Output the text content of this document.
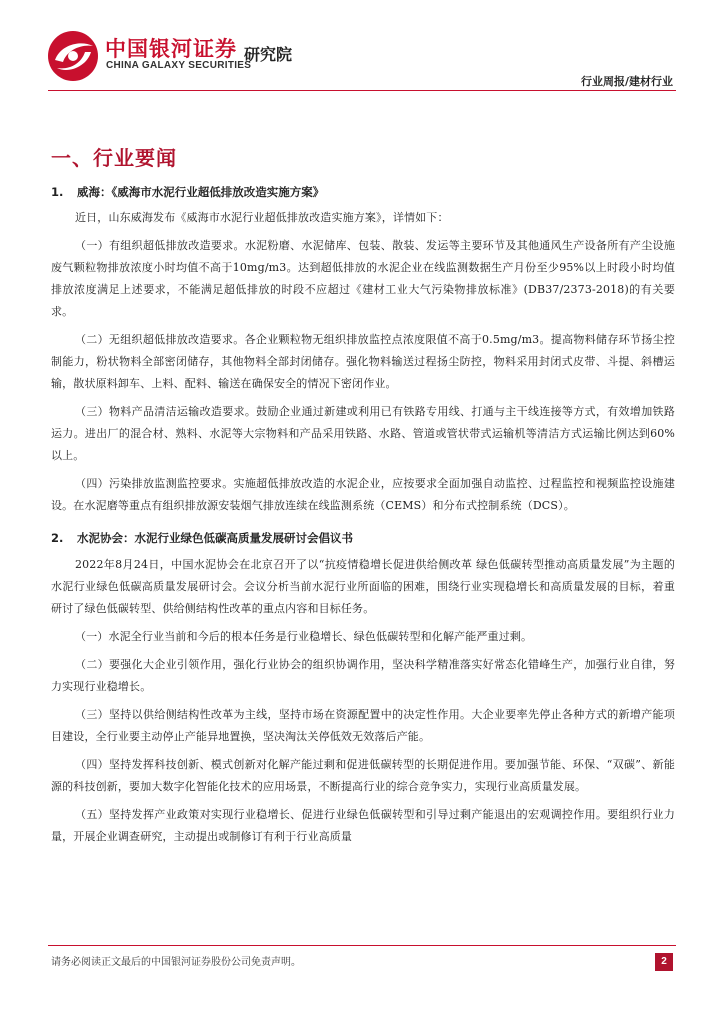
中国银河证券
CHINA GALAXY SECURITIES
研究院
行业周报/建材行业
一、行业要闻
1. 威海：《威海市水泥行业超低排放改造实施方案》

近日，山东威海发布《威海市水泥行业超低排放改造实施方案》，详情如下：

（一）有组织超低排放改造要求。水泥粉磨、水泥储库、包装、散装、发运等主要环节及其他通风生产设备所有产尘设施废气颗粒物排放浓度小时均值不高于10mg/m3。达到超低排放的水泥企业在线监测数据生产月份至少95%以上时段小时均值排放浓度满足上述要求，不能满足超低排放的时段不应超过《建材工业大气污染物排放标准》(DB37/2373-2018)的有关要求。

（二）无组织超低排放改造要求。各企业颗粒物无组织排放监控点浓度限值不高于0.5mg/m3。提高物料储存环节扬尘控制能力，粉状物料全部密闭储存，其他物料全部封闭储存。强化物料输送过程扬尘防控，物料采用封闭式皮带、斗提、斜槽运输，散状原料卸车、上料、配料、输送在确保安全的情况下密闭作业。

（三）物料产品清洁运输改造要求。鼓励企业通过新建或利用已有铁路专用线、打通与主干线连接等方式，有效增加铁路运力。进出厂的混合材、熟料、水泥等大宗物料和产品采用铁路、水路、管道或管状带式运输机等清洁方式运输比例达到60%以上。

（四）污染排放监测监控要求。实施超低排放改造的水泥企业，应按要求全面加强自动监控、过程监控和视频监控设施建设。在水泥磨等重点有组织排放源安装烟气排放连续在线监测系统（CEMS）和分布式控制系统（DCS）。

2. 水泥协会：水泥行业绿色低碳高质量发展研讨会倡议书

2022年8月24日，中国水泥协会在北京召开了以“抗疫情稳增长促进供给侧改革 绿色低碳转型推动高质量发展”为主题的水泥行业绿色低碳高质量发展研讨会。会议分析当前水泥行业所面临的困难，围绕行业实现稳增长和高质量发展的目标，着重研讨了绿色低碳转型、供给侧结构性改革的重点内容和目标任务。

（一）水泥全行业当前和今后的根本任务是行业稳增长、绿色低碳转型和化解产能严重过剩。

（二）要强化大企业引领作用，强化行业协会的组织协调作用，坚决科学精准落实好常态化错峰生产，加强行业自律，努力实现行业稳增长。

（三）坚持以供给侧结构性改革为主线，坚持市场在资源配置中的决定性作用。大企业要率先停止各种方式的新增产能项目建设，全行业要主动停止产能异地置换，坚决淘汰关停低效无效落后产能。

（四）坚持发挥科技创新、模式创新对化解产能过剩和促进低碳转型的长期促进作用。要加强节能、环保、“双碳”、新能源的科技创新，要加大数字化智能化技术的应用场景，不断提高行业的综合竞争实力，实现行业高质量发展。

（五）坚持发挥产业政策对实现行业稳增长、促进行业绿色低碳转型和引导过剩产能退出的宏观调控作用。要组织行业力量，开展企业调查研究，主动提出或制修订有利于行业高质量

请务必阅读正文最后的中国银河证券股份公司免责声明。	2
